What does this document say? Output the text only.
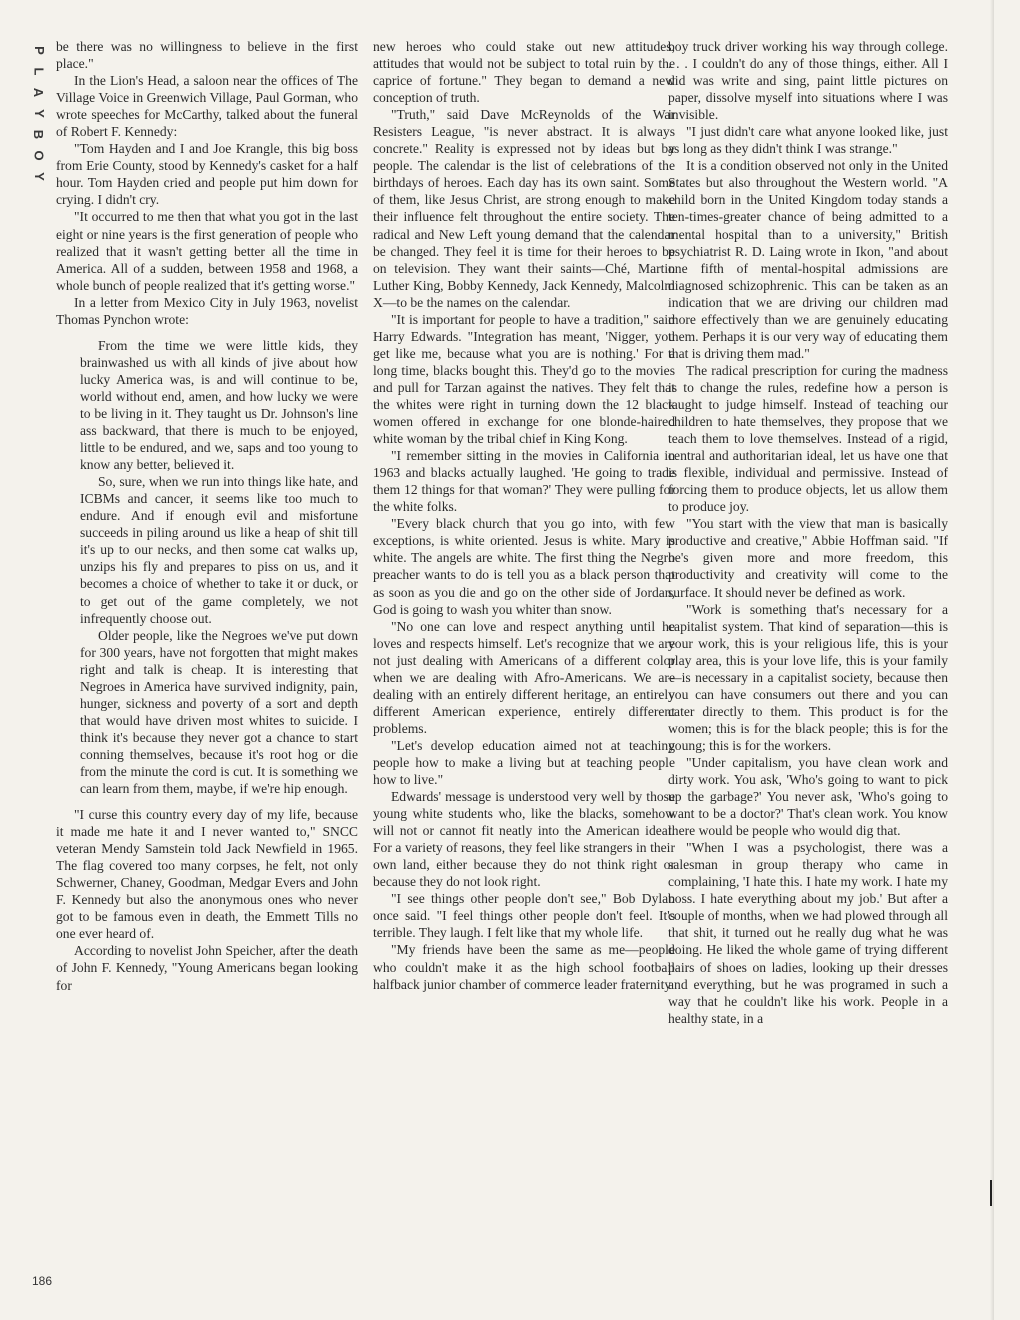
P
L
A
Y
B
O
Y
186

be there was no willingness to believe in the first place."

In the Lion's Head, a saloon near the offices of The Village Voice in Greenwich Village, Paul Gorman, who wrote speeches for McCarthy, talked about the funeral of Robert F. Kennedy:

"Tom Hayden and I and Joe Krangle, this big boss from Erie County, stood by Kennedy's casket for a half hour. Tom Hayden cried and people put him down for crying. I didn't cry.

"It occurred to me then that what you got in the last eight or nine years is the first generation of people who realized that it wasn't getting better all the time in America. All of a sudden, between 1958 and 1968, a whole bunch of people realized that it's getting worse."

In a letter from Mexico City in July 1963, novelist Thomas Pynchon wrote:

From the time we were little kids, they brainwashed us with all kinds of jive about how lucky America was, is and will continue to be, world without end, amen, and how lucky we were to be living in it. They taught us Dr. Johnson's line ass backward, that there is much to be enjoyed, little to be endured, and we, saps and too young to know any better, believed it.

So, sure, when we run into things like hate, and ICBMs and cancer, it seems like too much to endure. And if enough evil and misfortune succeeds in piling around us like a heap of shit till it's up to our necks, and then some cat walks up, unzips his fly and prepares to piss on us, and it becomes a choice of whether to take it or duck, or to get out of the game completely, we not infrequently choose out.

Older people, like the Negroes we've put down for 300 years, have not forgotten that might makes right and talk is cheap. It is interesting that Negroes in America have survived indignity, pain, hunger, sickness and poverty of a sort and depth that would have driven most whites to suicide. I think it's because they never got a chance to start conning themselves, because it's root hog or die from the minute the cord is cut. It is something we can learn from them, maybe, if we're hip enough.

"I curse this country every day of my life, because it made me hate it and I never wanted to," SNCC veteran Mendy Samstein told Jack Newfield in 1965. The flag covered too many corpses, he felt, not only Schwerner, Chaney, Goodman, Medgar Evers and John F. Kennedy but also the anonymous ones who never got to be famous even in death, the Emmett Tills no one ever heard of.

According to novelist John Speicher, after the death of John F. Kennedy, "Young Americans began looking for

new heroes who could stake out new attitudes, attitudes that would not be subject to total ruin by the caprice of fortune." They began to demand a new conception of truth.

"Truth," said Dave McReynolds of the War Resisters League, "is never abstract. It is always concrete." Reality is expressed not by ideas but by people. The calendar is the list of celebrations of the birthdays of heroes. Each day has its own saint. Some of them, like Jesus Christ, are strong enough to make their influence felt throughout the entire society. The radical and New Left young demand that the calendar be changed. They feel it is time for their heroes to be on television. They want their saints—Ché, Martin Luther King, Bobby Kennedy, Jack Kennedy, Malcolm X—to be the names on the calendar.

"It is important for people to have a tradition," said Harry Edwards. "Integration has meant, 'Nigger, you get like me, because what you are is nothing.' For a long time, blacks bought this. They'd go to the movies and pull for Tarzan against the natives. They felt that the whites were right in turning down the 12 black women offered in exchange for one blonde-haired white woman by the tribal chief in King Kong.

"I remember sitting in the movies in California in 1963 and blacks actually laughed. 'He going to trade them 12 things for that woman?' They were pulling for the white folks.

"Every black church that you go into, with few exceptions, is white oriented. Jesus is white. Mary is white. The angels are white. The first thing the Negro preacher wants to do is tell you as a black person that as soon as you die and go on the other side of Jordan, God is going to wash you whiter than snow.

"No one can love and respect anything until he loves and respects himself. Let's recognize that we are not just dealing with Americans of a different color when we are dealing with Afro-Americans. We are dealing with an entirely different heritage, an entirely different American experience, entirely different problems.

"Let's develop education aimed not at teaching people how to make a living but at teaching people how to live."

Edwards' message is understood very well by those young white students who, like the blacks, somehow will not or cannot fit neatly into the American ideal. For a variety of reasons, they feel like strangers in their own land, either because they do not think right or because they do not look right.

"I see things other people don't see," Bob Dylan once said. "I feel things other people don't feel. It's terrible. They laugh. I felt like that my whole life.

"My friends have been the same as me—people who couldn't make it as the high school football halfback junior chamber of commerce leader fraternity

boy truck driver working his way through college. . . . I couldn't do any of those things, either. All I did was write and sing, paint little pictures on paper, dissolve myself into situations where I was invisible.

"I just didn't care what anyone looked like, just as long as they didn't think I was strange."

It is a condition observed not only in the United States but also throughout the Western world. "A child born in the United Kingdom today stands a ten-times-greater chance of being admitted to a mental hospital than to a university," British psychiatrist R. D. Laing wrote in Ikon, "and about one fifth of mental-hospital admissions are diagnosed schizophrenic. This can be taken as an indication that we are driving our children mad more effectively than we are genuinely educating them. Perhaps it is our very way of educating them that is driving them mad."

The radical prescription for curing the madness is to change the rules, redefine how a person is taught to judge himself. Instead of teaching our children to hate themselves, they propose that we teach them to love themselves. Instead of a rigid, central and authoritarian ideal, let us have one that is flexible, individual and permissive. Instead of forcing them to produce objects, let us allow them to produce joy.

"You start with the view that man is basically productive and creative," Abbie Hoffman said. "If he's given more and more freedom, this productivity and creativity will come to the surface. It should never be defined as work.

"Work is something that's necessary for a capitalist system. That kind of separation—this is your work, this is your religious life, this is your play area, this is your love life, this is your family—is necessary in a capitalist society, because then you can have consumers out there and you can cater directly to them. This product is for the women; this is for the black people; this is for the young; this is for the workers.

"Under capitalism, you have clean work and dirty work. You ask, 'Who's going to want to pick up the garbage?' You never ask, 'Who's going to want to be a doctor?' That's clean work. You know there would be people who would dig that.

"When I was a psychologist, there was a salesman in group therapy who came in complaining, 'I hate this. I hate my work. I hate my boss. I hate everything about my job.' But after a couple of months, when we had plowed through all that shit, it turned out he really dug what he was doing. He liked the whole game of trying different pairs of shoes on ladies, looking up their dresses and everything, but he was programed in such a way that he couldn't like his work. People in a healthy state, in a
